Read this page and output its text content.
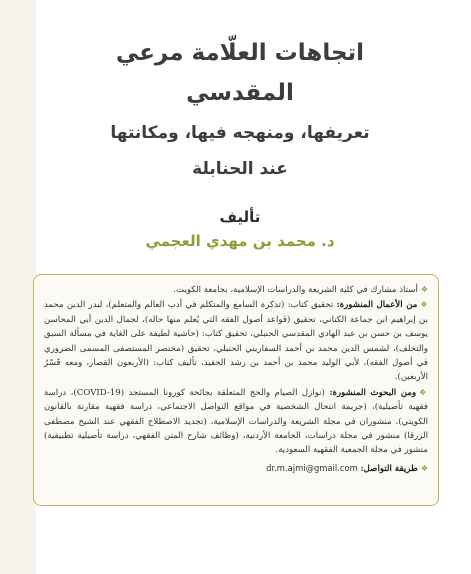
اتجاهات العلّامة مرعي
المقدسي
تعريفها، ومنهجه فيها، ومكانتها
عند الحنابلة
تأليف
د. محمد بن مهدي العجمي
❖أستاذ مشارك في كلية الشريعة والدراسات الإسلامية، بجامعة الكويت.
❖من الأعمال المنشورة: تحقيق كتاب: (تذكرة السامع والمتكلم في أدب العالم والمتعلم)، لبدر الدين محمد بن إبراهيم ابن جماعة الكناني، تحقيق (قواعد أصول الفقه التي يُعلم منها حاله)، لجمال الدين أبي المحاسن يوسف بن حسن بن عبد الهادي المقدسي الحنبلي، تحقيق كتاب: (حاشية لطيفة على الغاية في مسألة السبق والتخلف)، لشمس الدين محمد بن أحمد السفاريني الحنبلي، تحقيق (مختصر المستصفى المسمى الضروري في أصول الفقه)، لأبي الوليد محمد بن أحمد بن رشد الحفيد، تأليف كتاب: (الأربعون القصار، ومعه قَسْرُ الأربعين).
❖ومن البحوث المنشورة: (نوازل الصيام والحج المتعلقة بجائحة كورونا المستجد (COVID-19)، دراسة فقهية تأصيلية)، (جريمة انتحال الشخصية في مواقع التواصل الاجتماعي، دراسة فقهية مقارنة بالقانون الكويتي)، منشوران في مجلة الشريعة والدراسات الإسلامية، (تجديد الاصطلاح الفقهي عند الشيخ مصطفى الزرقا) منشور في مجلة دراسات، الجامعة الأردنية، (وظائف شارح المتن الفقهي، دراسة تأصيلية تطبيقية) منشور في مجلة الجمعية الفقهية السعودية.
❖طريقة التواصل: dr.m.ajmi@gmail.com
